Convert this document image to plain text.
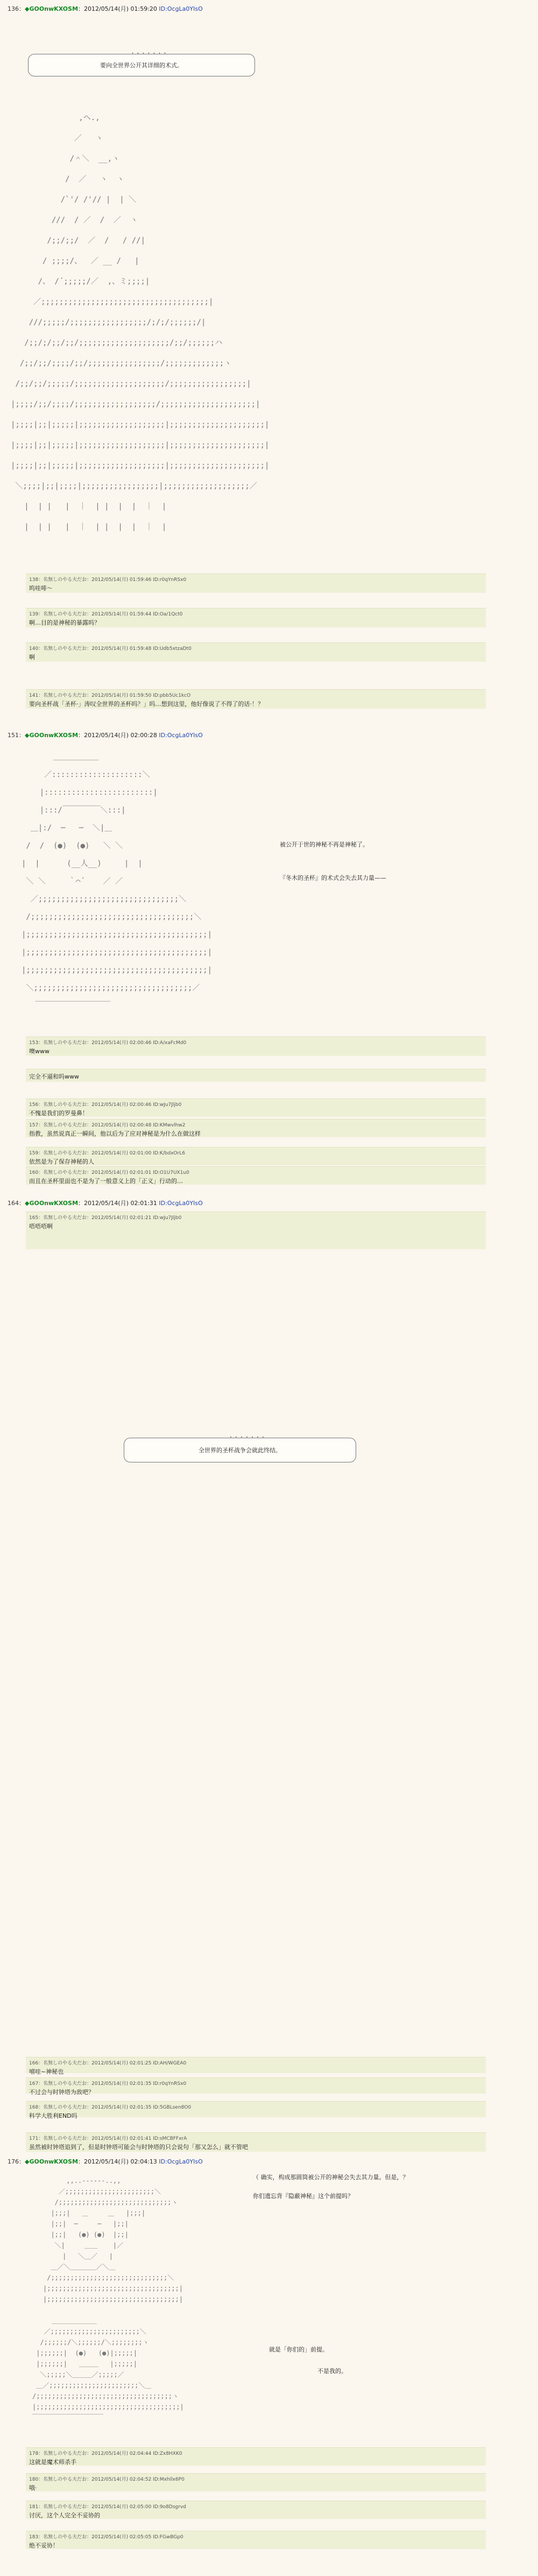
136：◆GOOnwKXOSM：2012/05/14(月) 01:59:20 ID:OcgLa0YIsO
・・・・・・・ 要向全世界公开其详细的术式。
,へ.,
／   ヽ
/＾＼  __,ヽ
/  ／   ヽ  ヽ
/`'/ /'// |  | ＼
///  / ／  /  ／  ヽ
/;;/;;/  ／  /   / //|
/ ;;;;/、  ／ __ /   |
/、 /´;;;;;/／  ,、ミ;;;;|
／;;;;;;;;;;;;;;;;;;;;;;;;;;;;;;;;;;;;;|
///;;;;;/;;;;;;;;;;;;;;;;;/;/;/;;;;;;/|
/;;/;/;;/;;/;;;;;;;;;;;;;;;;;;;;/;;/;;;;;;ハ
/;;/;;/;;;;/;;/;;;;;;;;;;;;;;;;/;;;;;;;;;;;;;ヽ
/;;/;;/;;;;;/;;;;;;;;;;;;;;;;;;;;/;;;;;;;;;;;;;;;;;|
|;;;;/;;/;;;;/;;;;;;;;;;;;;;;;;;/;;;;;;;;;;;;;;;;;;;;;|
|;;;;|;;|;;;;;|;;;;;;;;;;;;;;;;;;;|;;;;;;;;;;;;;;;;;;;;;|
|;;;;|;;|;;;;;|;;;;;;;;;;;;;;;;;;;|;;;;;;;;;;;;;;;;;;;;;|
|;;;;|;;|;;;;;|;;;;;;;;;;;;;;;;;;;|;;;;;;;;;;;;;;;;;;;;;|
＼;;;;|;;|;;;;|;;;;;;;;;;;;;;;;;|;;;;;;;;;;;;;;;;;;;／
|  | |   |  ｜  | |  |  |  ｜  |
|  | |   |  ｜  | |  |  |  ｜  |
138：名無しのやる夫だお：2012/05/14(月) 01:59:46 ID:r0qYnRSx0
呜哇啡～
139：名無しのやる夫だお：2012/05/14(月) 01:59:44 ID:Oa/1Qct0
啊…目的是神秘的暴露吗？
140：名無しのやる夫だお：2012/05/14(月) 01:59:48 ID:Udb5xtzaDt0
啊
141：名無しのやる夫だお：2012/05/14(月) 01:59:50 ID:pbb5Uc1kcO
要向圣杯战「圣杯·」涛叹全世界的圣杯吗？」吗…想到这里，他好像说了不得了的话·！？
151：◆GOOnwKXOSM：2012/05/14(月) 02:00:28 ID:OcgLa0YIsO
＿＿＿＿＿＿
／::::::::::::::::::::＼
|::::::::::::::::::::::::|
|:::/￣￣￣￣￣＼:::|
＿|:/  ─   ─  ＼|＿
/  /  (●)  (●)   ＼ ＼
|  |      (__人__)     |  |
＼ ＼     ｀⌒´    ／ ／
／;;;;;;;;;;;;;;;;;;;;;;;;;;;;;;;＼
/;;;;;;;;;;;;;;;;;;;;;;;;;;;;;;;;;;;;＼
|;;;;;;;;;;;;;;;;;;;;;;;;;;;;;;;;;;;;;;;;|
|;;;;;;;;;;;;;;;;;;;;;;;;;;;;;;;;;;;;;;;;|
|;;;;;;;;;;;;;;;;;;;;;;;;;;;;;;;;;;;;;;;;|
＼;;;;;;;;;;;;;;;;;;;;;;;;;;;;;;;;;;;／
￣￣￣￣￣￣￣￣￣￣
被公开于世的神秘不再是神秘了。
『冬木的圣杯』的术式会失去其力量——
153：名無しのやる夫だお：2012/05/14(月) 02:00:46 ID:A/xaFcMd0
噢www
完全不逼和吗www
156：名無しのやる夫だお：2012/05/14(月) 02:00:46 ID:wJu7Jljb0
不愧是我们的罗曼鼻！
157：名無しのやる夫だお：2012/05/14(月) 02:00:48 ID:KMwvlhw2
指教，虽然说真正一瞬间，他以后为了应对神秘是为什么在做这样
159：名無しのやる夫だお：2012/05/14(月) 02:01:00 ID:K/bdxOrL6
依然是为了保存神秘的人
160：名無しのやる夫だお：2012/05/14(月) 02:01:01 ID:O1U7UX1u0
而且在圣杯里面也不是为了一般意义上的「正义」行动的…
164：◆GOOnwKXOSM：2012/05/14(月) 02:01:31 ID:OcgLa0YIsO
165：名無しのやる夫だお：2012/05/14(月) 02:01:21 ID:wJu7Jljb0
唔唔唔啊
・・・・・・・ 全世界的圣杯战争会就此终结。
166：名無しのやる夫だお：2012/05/14(月) 02:01:25 ID:AH/WGEA0
嘻哇~神秘也
167：名無しのやる夫だお：2012/05/14(月) 02:01:35 ID:r0qYnRSx0
不过会与时钟塔为敌吧？
168：名無しのやる夫だお：2012/05/14(月) 02:01:35 ID:5GBLsen8O0
科学大胜利END吗
171：名無しのやる夫だお：2012/05/14(月) 02:01:41 ID:sMCBFFxrA
虽然被时钟塔追到了，但是时钟塔可能会与时钟塔的只会说句「那又怎么」就不管吧
176：◆GOOnwKXOSM：2012/05/14(月) 02:04:13 ID:OcgLa0YIsO
,,..-‐‐‐‐-..,,
／;;;;;;;;;;;;;;;;;;;;;;;＼
/;;;;;;;;;;;;;;;;;;;;;;;;;;;;;ヽ
|;;;|   ＿     ＿   |;;;|
|;;|  ─     ─   |;;|
|;;|   (●) (●)  |;;|
＼|     ＿＿    |／
|   ＼＿／   |
＿／＼＿＿＿＿／＼＿
/;;;;;;;;;;;;;;;;;;;;;;;;;;;;;;＼
|;;;;;;;;;;;;;;;;;;;;;;;;;;;;;;;;;;|
|;;;;;;;;;;;;;;;;;;;;;;;;;;;;;;;;;;|
（ 确实，构成那圆筒被公开的神秘会失去其力量。但是，？
你们遗忘背『隐蔽神秘』这个前提吗？
＿＿＿＿＿＿＿
／;;;;;;;;;;;;;;;;;;;;;;;＼
/;;;;;;/＼;;;;;;/＼;;;;;;;;ヽ
|;;;;;;|  (●)   (●)|;;;;;|
|;;;;;;|   ＿＿＿   |;;;;;|
＼;;;;;＼＿＿＿／;;;;;／
＿／;;;;;;;;;;;;;;;;;;;;;;;＼＿
/;;;;;;;;;;;;;;;;;;;;;;;;;;;;;;;;;;;ヽ
|;;;;;;;;;;;;;;;;;;;;;;;;;;;;;;;;;;;;;|
￣￣￣￣￣￣￣￣￣￣￣
就是「你们的」前提。
不是我的。
178：名無しのやる夫だお：2012/05/14(月) 02:04:44 ID:Zx8HXK0
这就是魔术师杀手
180：名無しのやる夫だお：2012/05/14(月) 02:04:52 ID:Mxhllx6P0
哦·
181：名無しのやる夫だお：2012/05/14(月) 02:05:00 ID:9o8Dsgrvd
讨厌，这个人完全不妥协的
183：名無しのやる夫だお：2012/05/14(月) 02:05:05 ID:FGwBGp0
绝不妥协！
